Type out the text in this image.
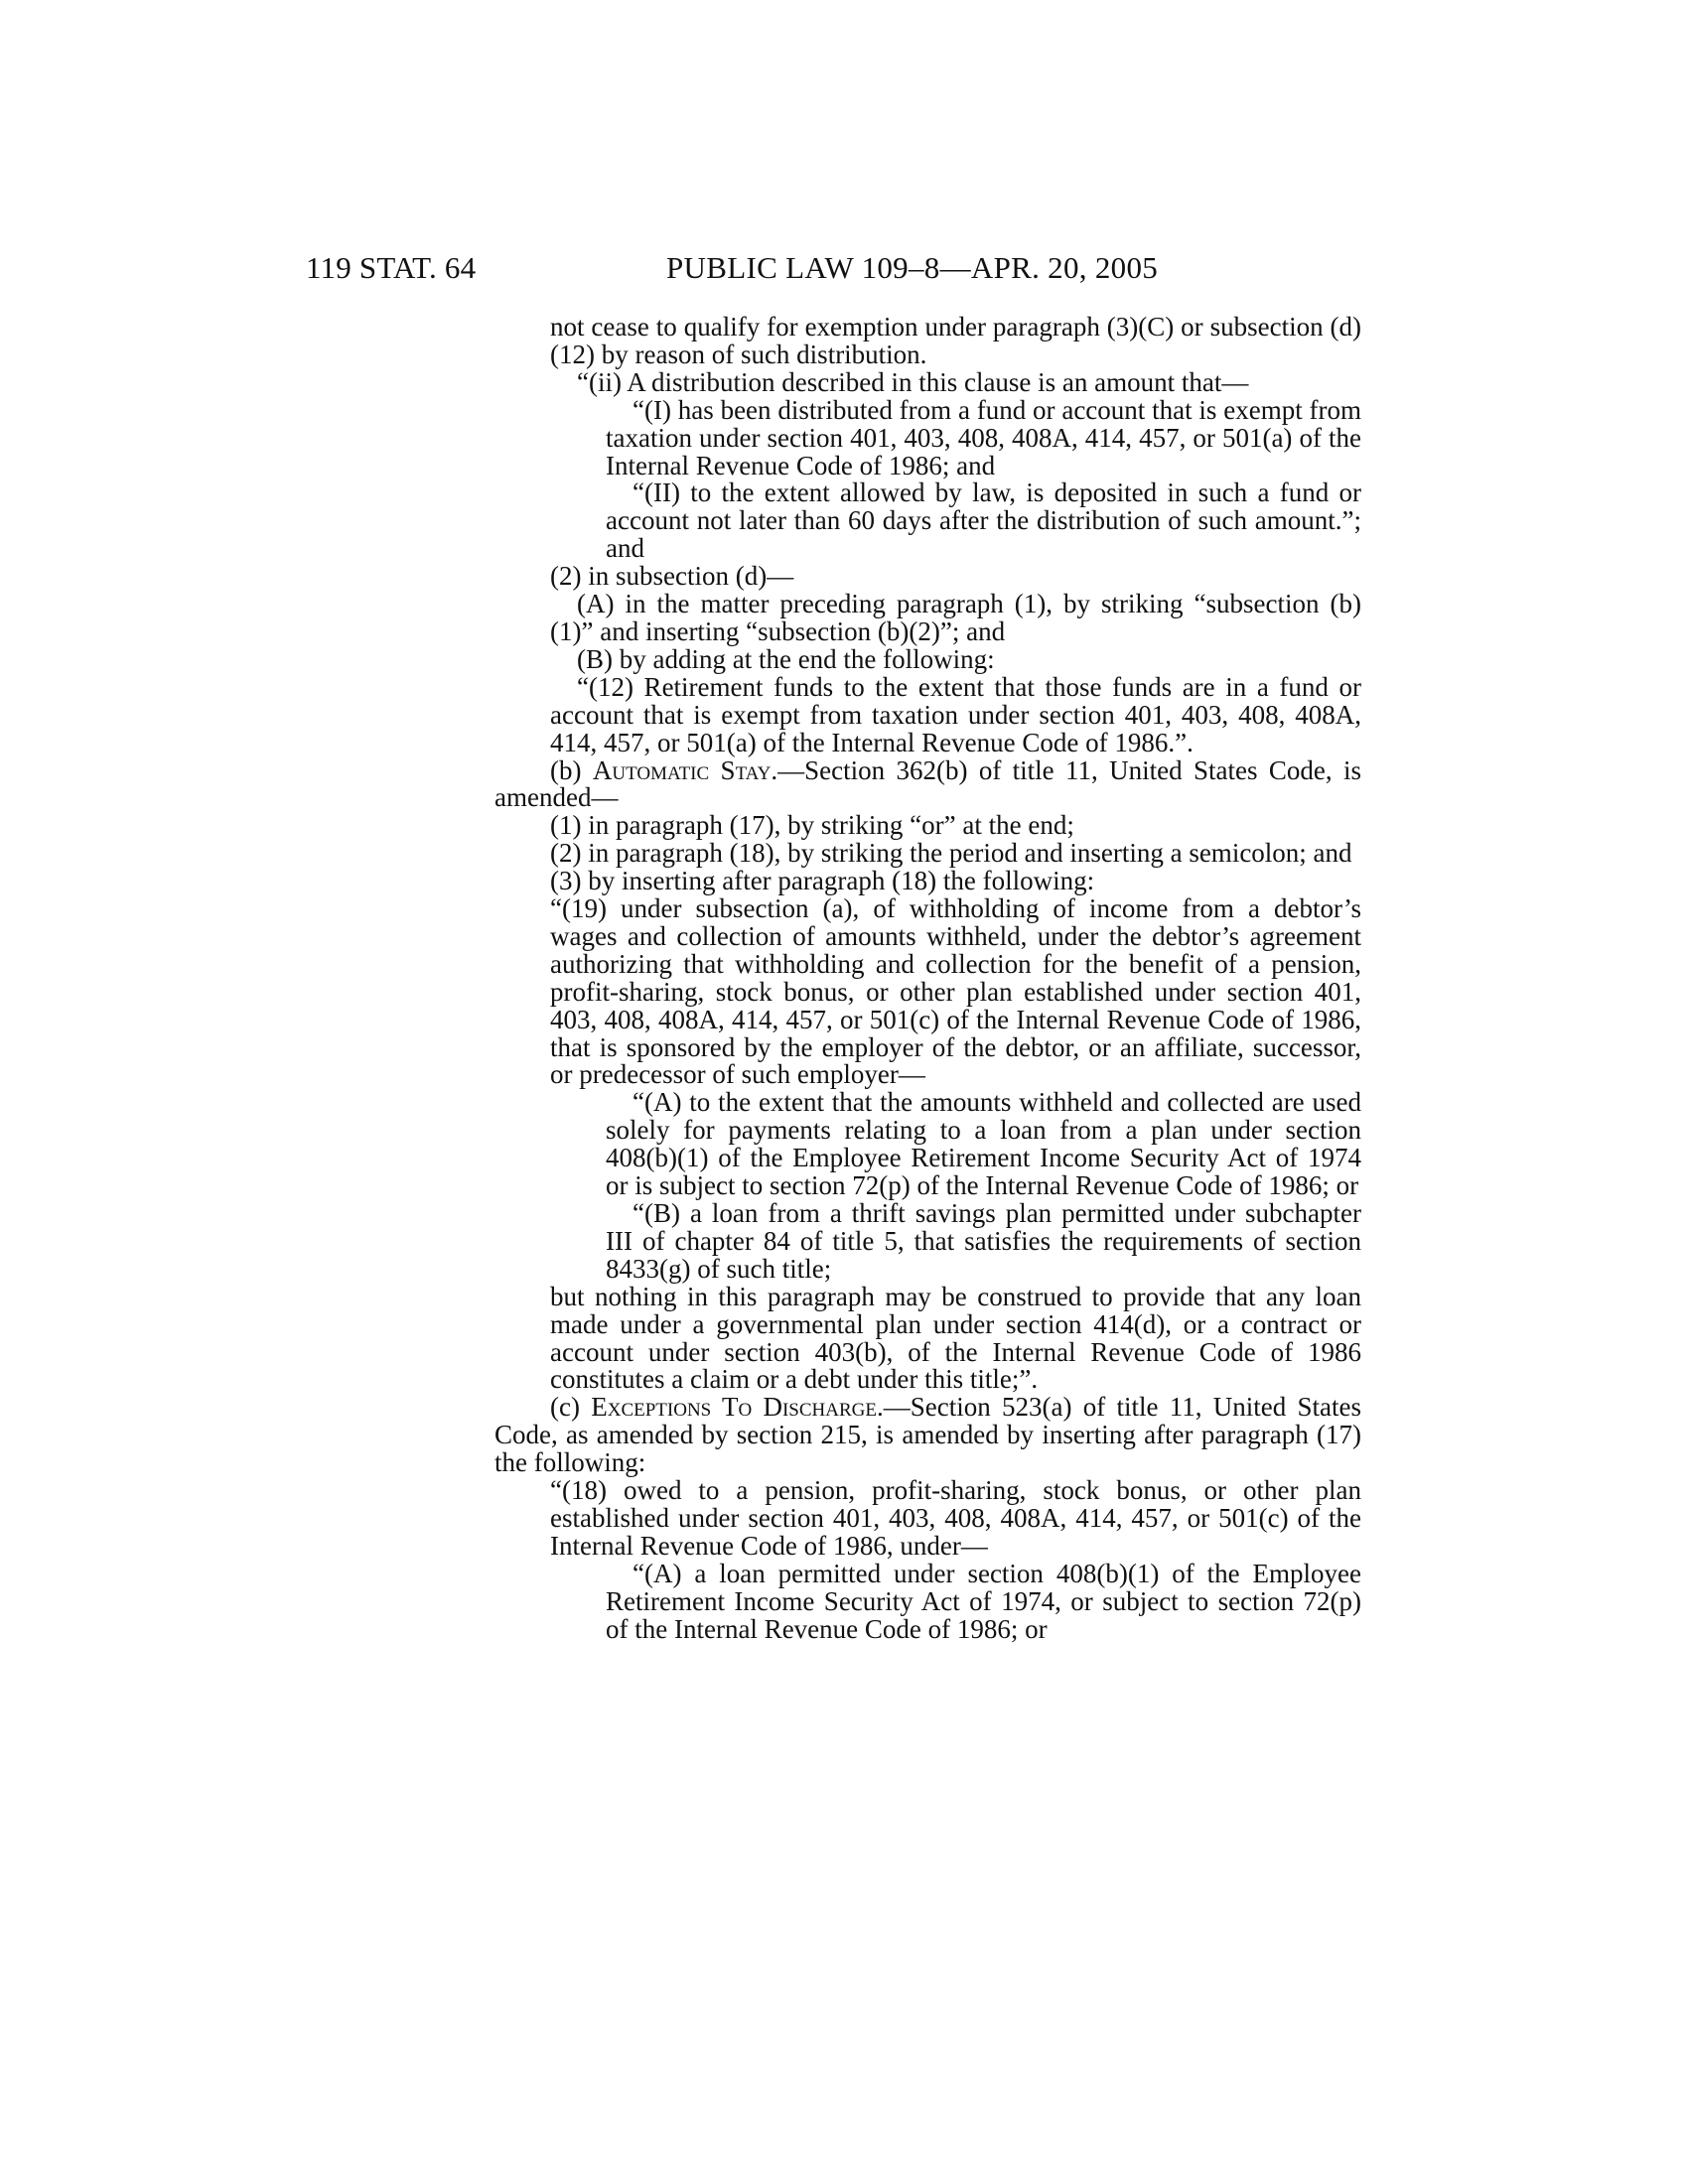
119 STAT. 64	PUBLIC LAW 109–8—APR. 20, 2005

not cease to qualify for exemption under paragraph (3)(C) or subsection (d)(12) by reason of such distribution.

“(ii) A distribution described in this clause is an amount that—

“(I) has been distributed from a fund or account that is exempt from taxation under section 401, 403, 408, 408A, 414, 457, or 501(a) of the Internal Revenue Code of 1986; and

“(II) to the extent allowed by law, is deposited in such a fund or account not later than 60 days after the distribution of such amount.”; and

(2) in subsection (d)—

(A) in the matter preceding paragraph (1), by striking “subsection (b)(1)” and inserting “subsection (b)(2)”; and

(B) by adding at the end the following:

“(12) Retirement funds to the extent that those funds are in a fund or account that is exempt from taxation under section 401, 403, 408, 408A, 414, 457, or 501(a) of the Internal Revenue Code of 1986.”.

(b) Automatic Stay.—Section 362(b) of title 11, United States Code, is amended—

(1) in paragraph (17), by striking “or” at the end;

(2) in paragraph (18), by striking the period and inserting a semicolon; and

(3) by inserting after paragraph (18) the following:

“(19) under subsection (a), of withholding of income from a debtor’s wages and collection of amounts withheld, under the debtor’s agreement authorizing that withholding and collection for the benefit of a pension, profit-sharing, stock bonus, or other plan established under section 401, 403, 408, 408A, 414, 457, or 501(c) of the Internal Revenue Code of 1986, that is sponsored by the employer of the debtor, or an affiliate, successor, or predecessor of such employer—

“(A) to the extent that the amounts withheld and collected are used solely for payments relating to a loan from a plan under section 408(b)(1) of the Employee Retirement Income Security Act of 1974 or is subject to section 72(p) of the Internal Revenue Code of 1986; or

“(B) a loan from a thrift savings plan permitted under subchapter III of chapter 84 of title 5, that satisfies the requirements of section 8433(g) of such title;

but nothing in this paragraph may be construed to provide that any loan made under a governmental plan under section 414(d), or a contract or account under section 403(b), of the Internal Revenue Code of 1986 constitutes a claim or a debt under this title;”.

(c) Exceptions To Discharge.—Section 523(a) of title 11, United States Code, as amended by section 215, is amended by inserting after paragraph (17) the following:

“(18) owed to a pension, profit-sharing, stock bonus, or other plan established under section 401, 403, 408, 408A, 414, 457, or 501(c) of the Internal Revenue Code of 1986, under—

“(A) a loan permitted under section 408(b)(1) of the Employee Retirement Income Security Act of 1974, or subject to section 72(p) of the Internal Revenue Code of 1986; or
